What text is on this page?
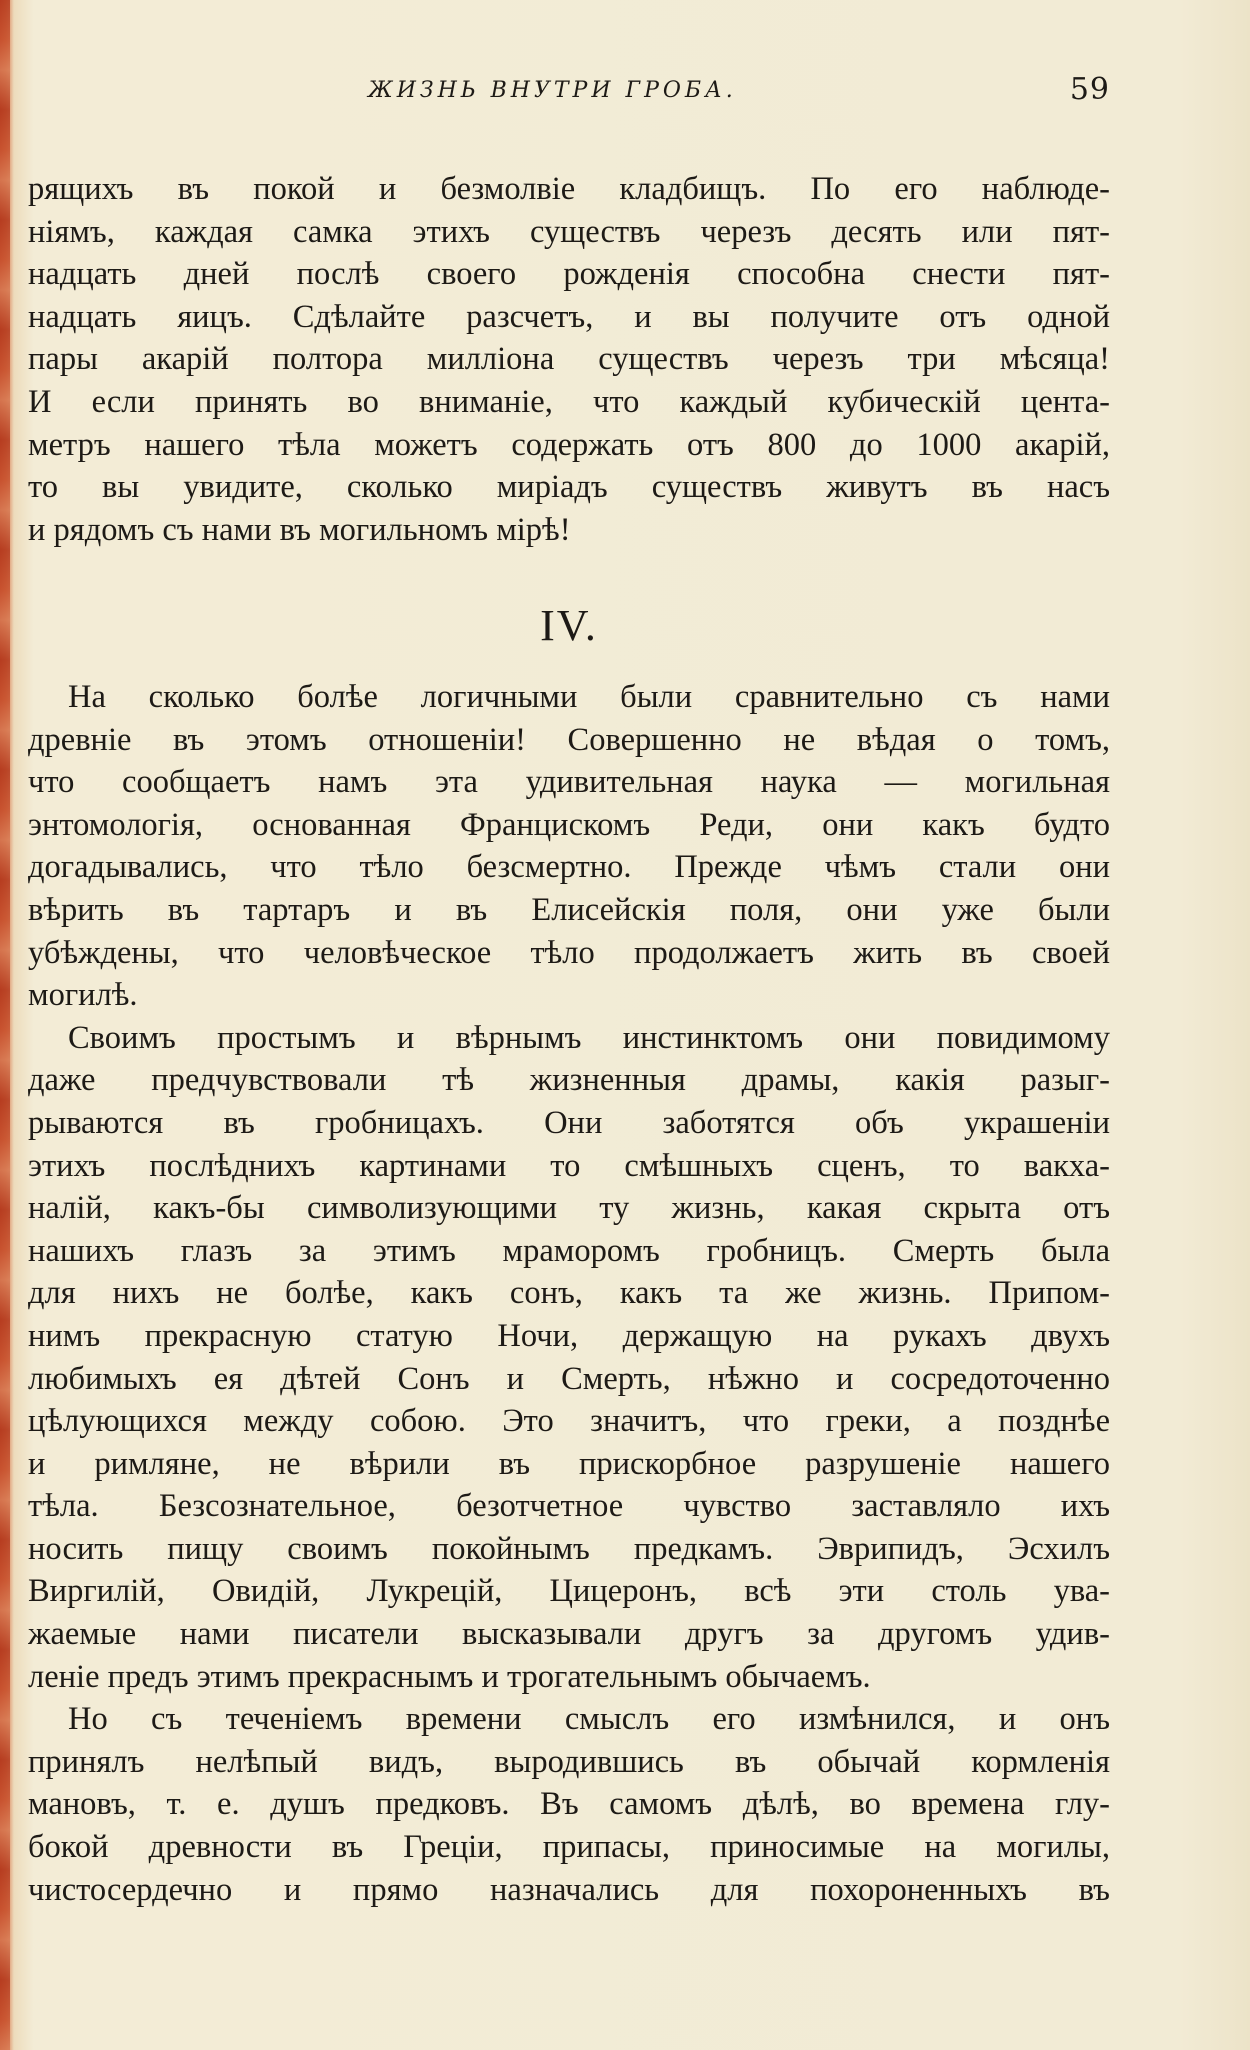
ЖИЗНЬ ВНУТРИ ГРОБА.	59
рящихъ въ покой и безмолвіе кладбищъ. По его наблюде-
ніямъ, каждая самка этихъ существъ черезъ десять или пят-
надцать дней послѣ своего рожденія способна снести пят-
надцать яицъ. Сдѣлайте разсчетъ, и вы получите отъ одной
пары акарій полтора милліона существъ черезъ три мѣсяца!
И если принять во вниманіе, что каждый кубическій цента-
метръ нашего тѣла можетъ содержать отъ 800 до 1000 акарій,
то вы увидите, сколько миріадъ существъ живутъ въ насъ
и рядомъ съ нами въ могильномъ мірѣ!
IV.
На сколько болѣе логичными были сравнительно съ нами
древніе въ этомъ отношеніи! Совершенно не вѣдая о томъ,
что сообщаетъ намъ эта удивительная наука — могильная
энтомологія, основанная Францискомъ Реди, они какъ будто
догадывались, что тѣло безсмертно. Прежде чѣмъ стали они
вѣрить въ тартаръ и въ Елисейскія поля, они уже были
убѣждены, что человѣческое тѣло продолжаетъ жить въ своей
могилѣ.
Своимъ простымъ и вѣрнымъ инстинктомъ они повидимому
даже предчувствовали тѣ жизненныя драмы, какія разыг-
рываются въ гробницахъ. Они заботятся объ украшеніи
этихъ послѣднихъ картинами то смѣшныхъ сценъ, то вакха-
налій, какъ-бы символизующими ту жизнь, какая скрыта отъ
нашихъ глазъ за этимъ мраморомъ гробницъ. Смерть была
для нихъ не болѣе, какъ сонъ, какъ та же жизнь. Припом-
нимъ прекрасную статую Ночи, держащую на рукахъ двухъ
любимыхъ ея дѣтей Сонъ и Смерть, нѣжно и сосредоточенно
цѣлующихся между собою. Это значитъ, что греки, а позднѣе
и римляне, не вѣрили въ прискорбное разрушеніе нашего
тѣла. Безсознательное, безотчетное чувство заставляло ихъ
носить пищу своимъ покойнымъ предкамъ. Эврипидъ, Эсхилъ
Виргилій, Овидій, Лукрецій, Цицеронъ, всѣ эти столь ува-
жаемые нами писатели высказывали другъ за другомъ удив-
леніе предъ этимъ прекраснымъ и трогательнымъ обычаемъ.
Но съ теченіемъ времени смыслъ его измѣнился, и онъ
принялъ нелѣпый видъ, выродившись въ обычай кормленія
мановъ, т. е. душъ предковъ. Въ самомъ дѣлѣ, во времена глу-
бокой древности въ Греціи, припасы, приносимые на могилы,
чистосердечно и прямо назначались для похороненныхъ въ
